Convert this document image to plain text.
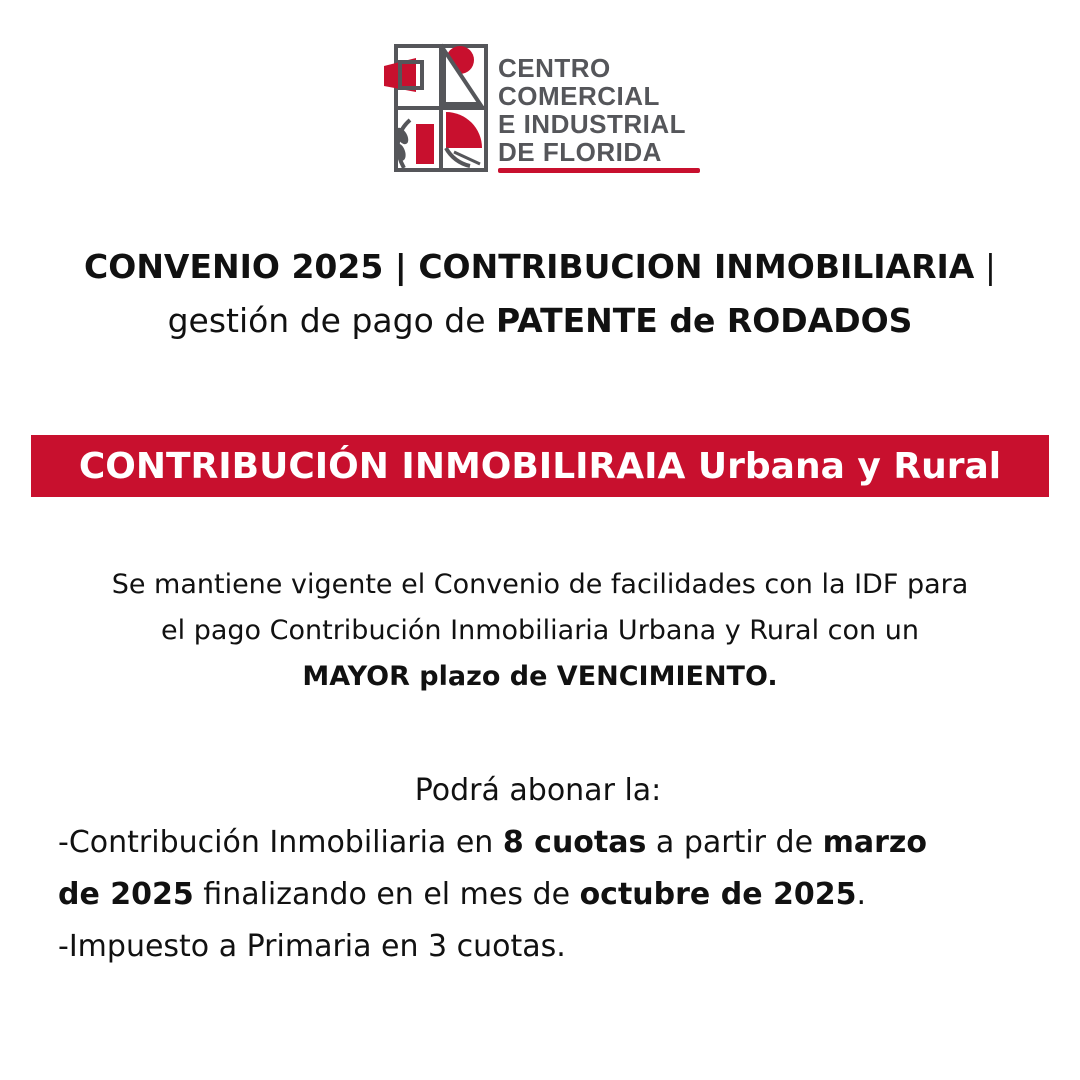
CENTRO
COMERCIAL
E INDUSTRIAL
DE FLORIDA
CONVENIO 2025 | CONTRIBUCION INMOBILIARIA |
gestión de pago de PATENTE de RODADOS
CONTRIBUCIÓN INMOBILIRAIA Urbana y Rural
Se mantiene vigente el Convenio de facilidades con la IDF para
el pago Contribución Inmobiliaria Urbana y Rural con un
MAYOR plazo de VENCIMIENTO.
Podrá abonar la:
-Contribución Inmobiliaria en 8 cuotas a partir de marzo
de 2025 finalizando en el mes de octubre de 2025.
-Impuesto a Primaria en 3 cuotas.
